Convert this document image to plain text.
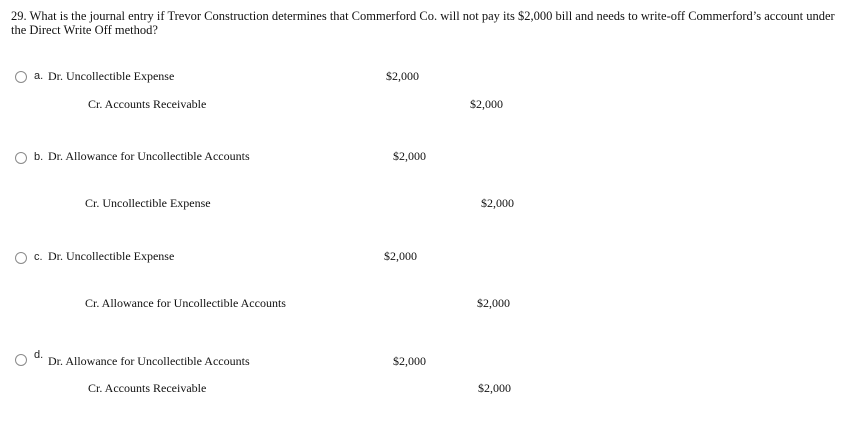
29. What is the journal entry if Trevor Construction determines that Commerford Co. will not pay its $2,000 bill and needs to write-off Commerford’s account under the Direct Write Off method?
a. Dr. Uncollectible Expense	$2,000
Cr. Accounts Receivable	$2,000
b. Dr. Allowance for Uncollectible Accounts	$2,000
Cr. Uncollectible Expense	$2,000
c. Dr. Uncollectible Expense	$2,000
Cr. Allowance for Uncollectible Accounts	$2,000
d. Dr. Allowance for Uncollectible Accounts	$2,000
Cr. Accounts Receivable	$2,000
